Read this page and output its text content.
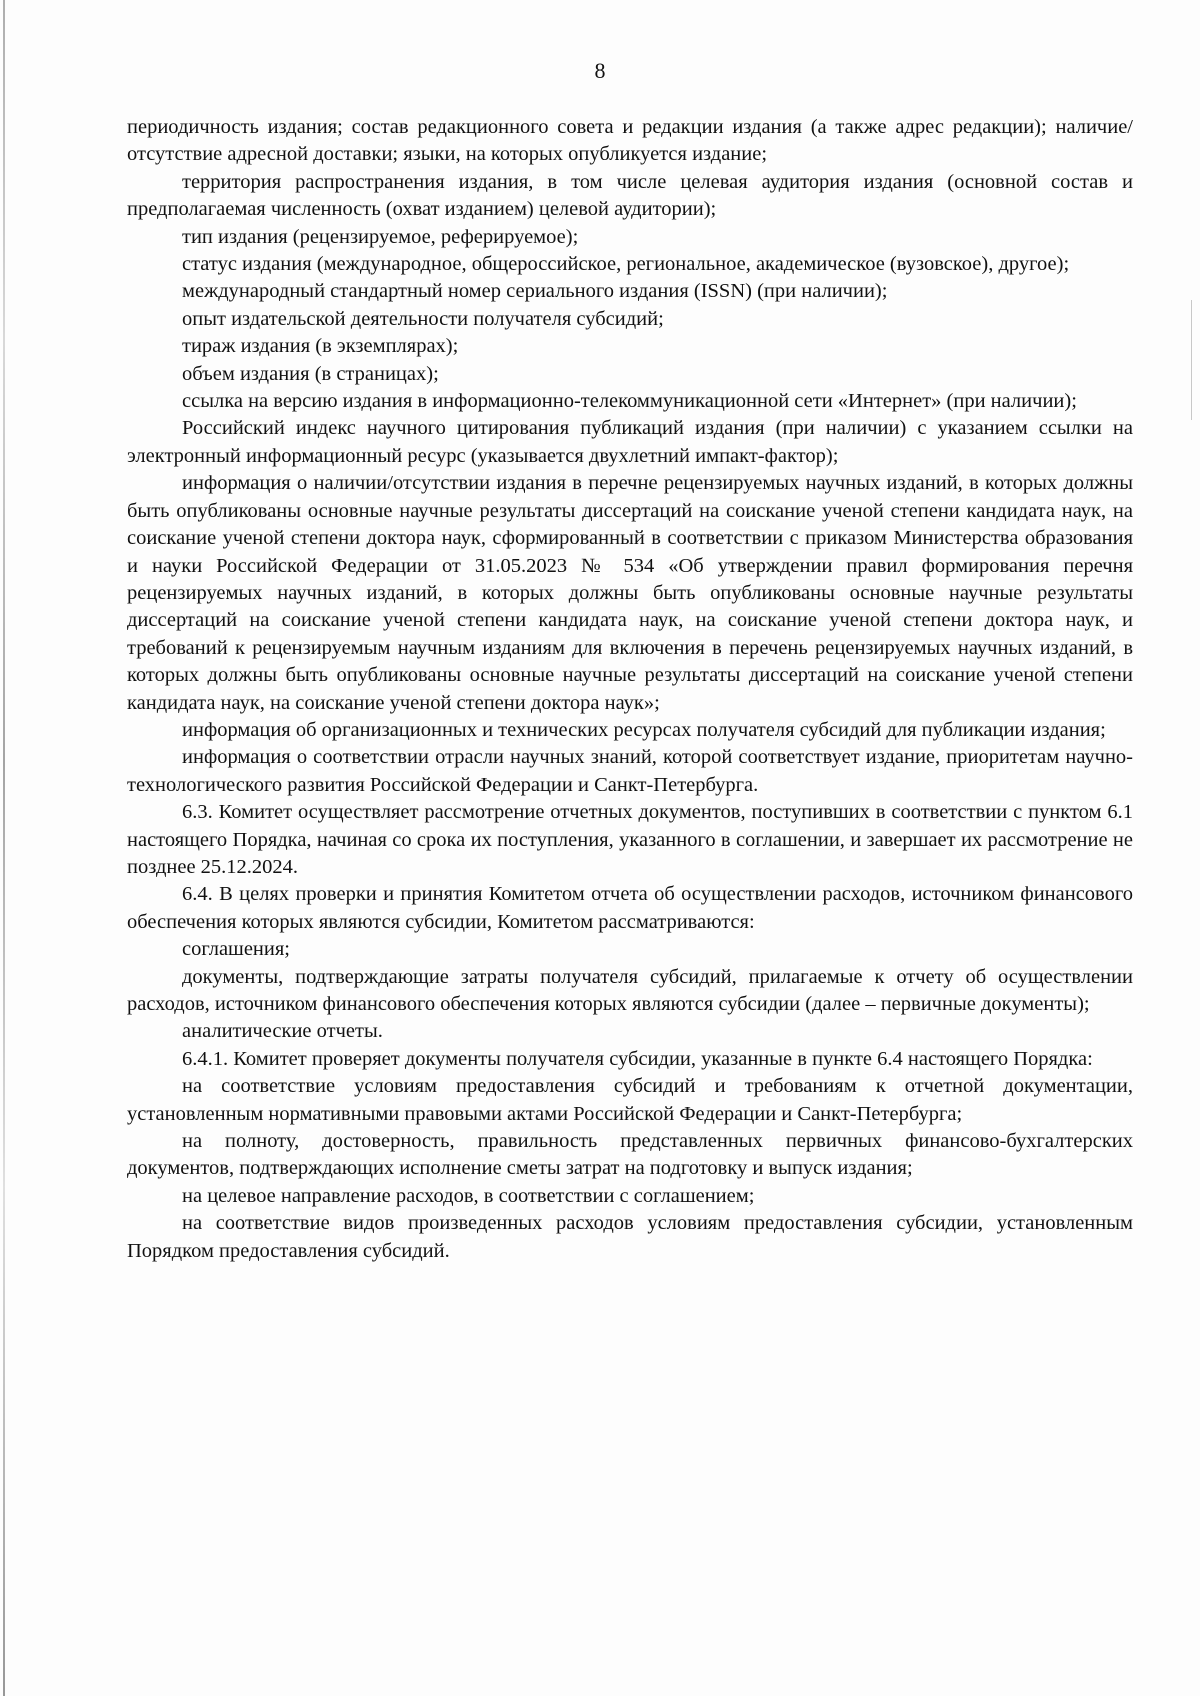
8

периодичность издания; состав редакционного совета и редакции издания (а также адрес редакции); наличие/отсутствие адресной доставки; языки, на которых опубликуется издание;

территория распространения издания, в том числе целевая аудитория издания (основной состав и предполагаемая численность (охват изданием) целевой аудитории);

тип издания (рецензируемое, реферируемое);

статус издания (международное, общероссийское, региональное, академическое (вузовское), другое);

международный стандартный номер сериального издания (ISSN) (при наличии);

опыт издательской деятельности получателя субсидий;

тираж издания (в экземплярах);

объем издания (в страницах);

ссылка на версию издания в информационно-телекоммуникационной сети «Интернет» (при наличии);

Российский индекс научного цитирования публикаций издания (при наличии) с указанием ссылки на электронный информационный ресурс (указывается двухлетний импакт-фактор);

информация о наличии/отсутствии издания в перечне рецензируемых научных изданий, в которых должны быть опубликованы основные научные результаты диссертаций на соискание ученой степени кандидата наук, на соискание ученой степени доктора наук, сформированный в соответствии с приказом Министерства образования и науки Российской Федерации от 31.05.2023 № 534 «Об утверждении правил формирования перечня рецензируемых научных изданий, в которых должны быть опубликованы основные научные результаты диссертаций на соискание ученой степени кандидата наук, на соискание ученой степени доктора наук, и требований к рецензируемым научным изданиям для включения в перечень рецензируемых научных изданий, в которых должны быть опубликованы основные научные результаты диссертаций на соискание ученой степени кандидата наук, на соискание ученой степени доктора наук»;

информация об организационных и технических ресурсах получателя субсидий для публикации издания;

информация о соответствии отрасли научных знаний, которой соответствует издание, приоритетам научно-технологического развития Российской Федерации и Санкт-Петербурга.

6.3. Комитет осуществляет рассмотрение отчетных документов, поступивших в соответствии с пунктом 6.1 настоящего Порядка, начиная со срока их поступления, указанного в соглашении, и завершает их рассмотрение не позднее 25.12.2024.

6.4. В целях проверки и принятия Комитетом отчета об осуществлении расходов, источником финансового обеспечения которых являются субсидии, Комитетом рассматриваются:

соглашения;

документы, подтверждающие затраты получателя субсидий, прилагаемые к отчету об осуществлении расходов, источником финансового обеспечения которых являются субсидии (далее – первичные документы);

аналитические отчеты.

6.4.1. Комитет проверяет документы получателя субсидии, указанные в пункте 6.4 настоящего Порядка:

на соответствие условиям предоставления субсидий и требованиям к отчетной документации, установленным нормативными правовыми актами Российской Федерации и Санкт-Петербурга;

на полноту, достоверность, правильность представленных первичных финансово-бухгалтерских документов, подтверждающих исполнение сметы затрат на подготовку и выпуск издания;

на целевое направление расходов, в соответствии с соглашением;

на соответствие видов произведенных расходов условиям предоставления субсидии, установленным Порядком предоставления субсидий.
